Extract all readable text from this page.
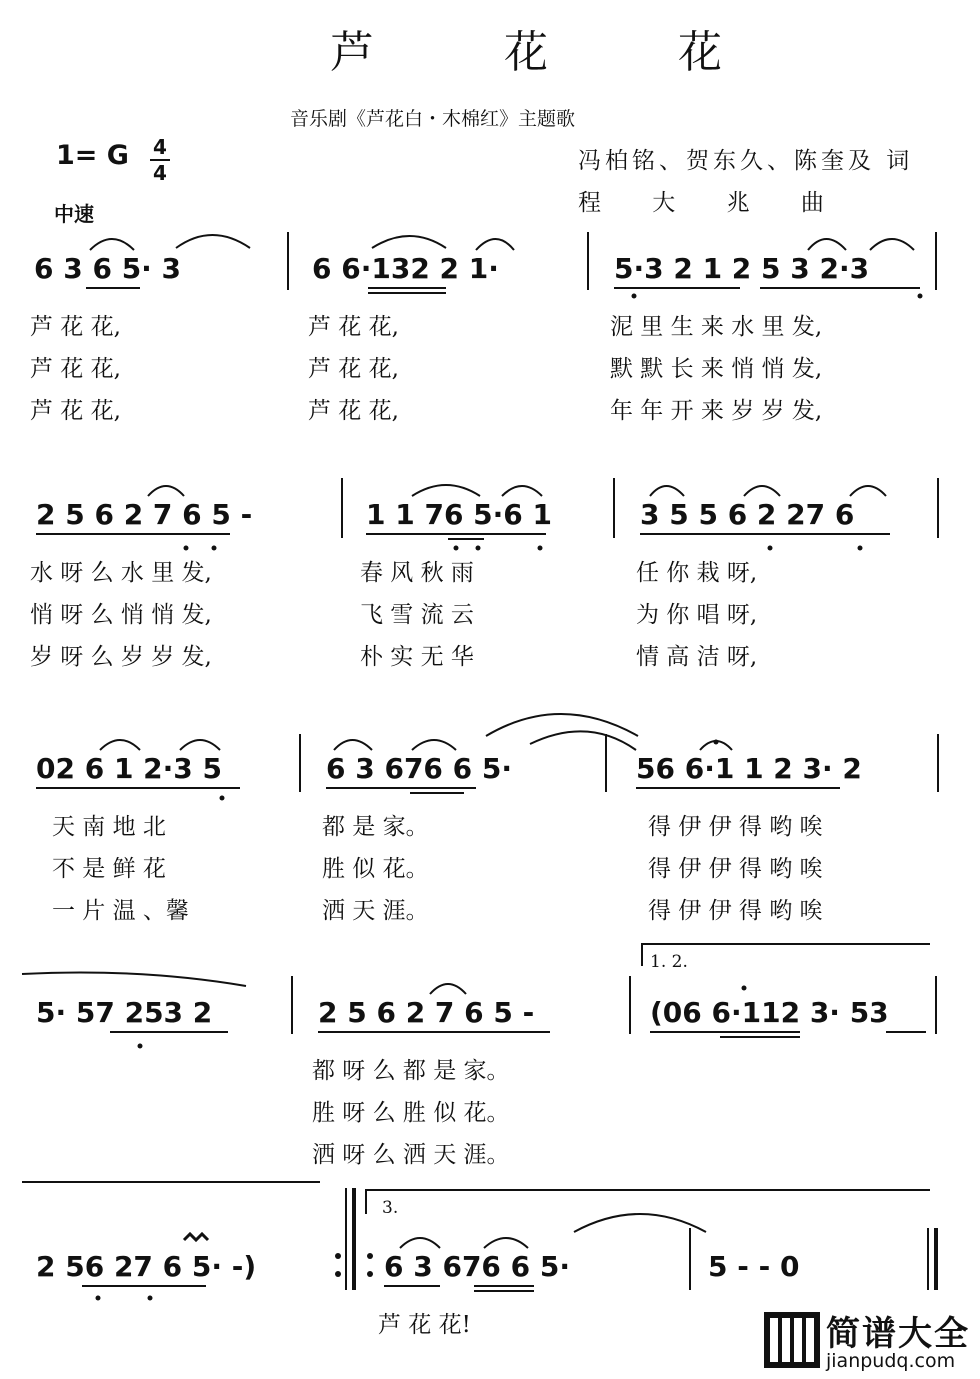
芦 花 花
音乐剧《芦花白・木棉红》主题歌
1= G 4
4
中速
冯柏铭、贺东久、陈奎及 词
程 大 兆 曲
6 3 6 5· 3	6 6·132 2 1·	5·3 2 1 2 5 3 2·3
芦 花 花,	芦 花 花,	泥 里 生 来 水 里 发,
芦 花 花,	芦 花 花,	默 默 长 来 悄 悄 发,
芦 花 花,	芦 花 花,	年 年 开 来 岁 岁 发,
2 5 6 2 7 6 5 -	1 1 76 5·6 1	3 5 5 6 2 27 6
水 呀 么 水 里 发,	春 风 秋 雨	任 你 栽 呀,
悄 呀 么 悄 悄 发,	飞 雪 流 云	为 你 唱 呀,
岁 呀 么 岁 岁 发,	朴 实 无 华	情 高 洁 呀,
02 6 1 2·3 5	6 3 676 6 5·	56 6·1 1 2 3· 2
天 南 地 北	都 是 家。	得 伊 伊 得 哟 唉
不 是 鲜 花	胜 似 花。	得 伊 伊 得 哟 唉
一 片 温 、馨	洒 天 涯。	得 伊 伊 得 哟 唉
1. 2.
5· 57 253 2	2 5 6 2 7 6 5 -	(06 6·112 3· 53
都 呀 么 都 是 家。
胜 呀 么 胜 似 花。
洒 呀 么 洒 天 涯。
3.
2 56 27 6 5· -)	6 3 676 6 5·	5 - - 0
芦 花 花!	简谱大全
jianpudq.com
